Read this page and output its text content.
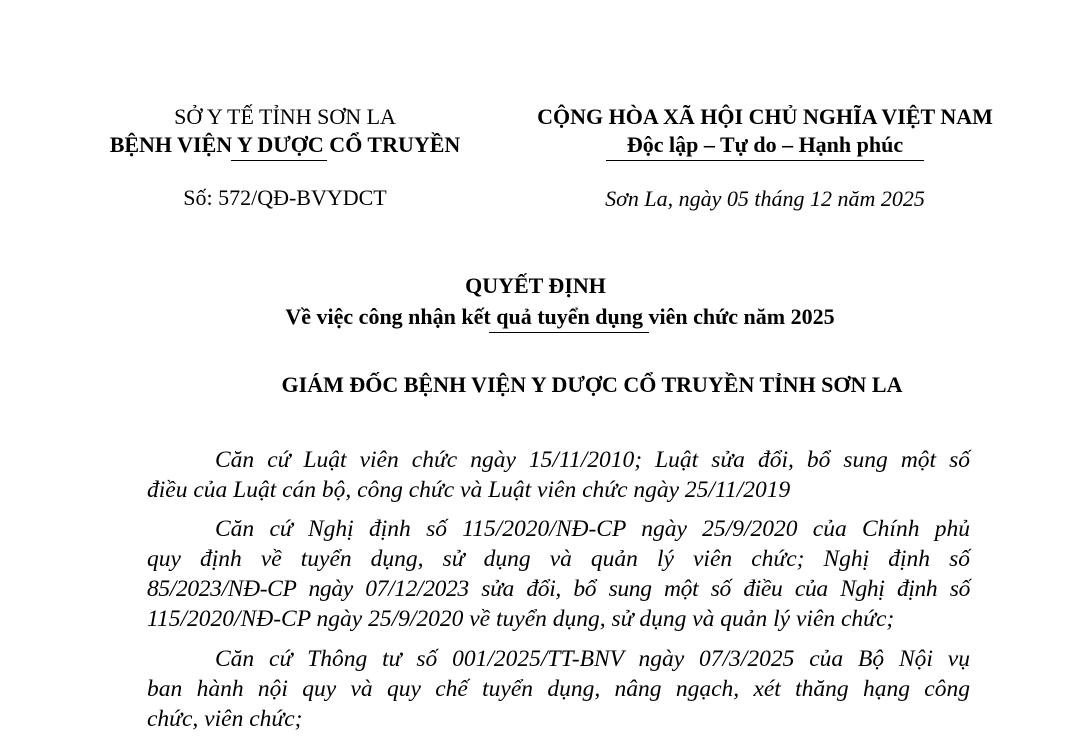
SỞ Y TẾ TỈNH SƠN LA
BỆNH VIỆN Y DƯỢC CỔ TRUYỀN
Số: 572/QĐ-BVYDCT
CỘNG HÒA XÃ HỘI CHỦ NGHĨA VIỆT NAM
Độc lập – Tự do – Hạnh phúc
Sơn La, ngày 05 tháng 12 năm 2025
QUYẾT ĐỊNH
Về việc công nhận kết quả tuyển dụng viên chức năm 2025
GIÁM ĐỐC BỆNH VIỆN Y DƯỢC CỔ TRUYỀN TỈNH SƠN LA
Căn cứ Luật viên chức ngày 15/11/2010; Luật sửa đổi, bổ sung một số
điều của Luật cán bộ, công chức và Luật viên chức ngày 25/11/2019
Căn cứ Nghị định số 115/2020/NĐ-CP ngày 25/9/2020 của Chính phủ
quy định về tuyển dụng, sử dụng và quản lý viên chức; Nghị định số
85/2023/NĐ-CP ngày 07/12/2023 sửa đổi, bổ sung một số điều của Nghị định số
115/2020/NĐ-CP ngày 25/9/2020 về tuyển dụng, sử dụng và quản lý viên chức;
Căn cứ Thông tư số 001/2025/TT-BNV ngày 07/3/2025 của Bộ Nội vụ
ban hành nội quy và quy chế tuyển dụng, nâng ngạch, xét thăng hạng công
chức, viên chức;
